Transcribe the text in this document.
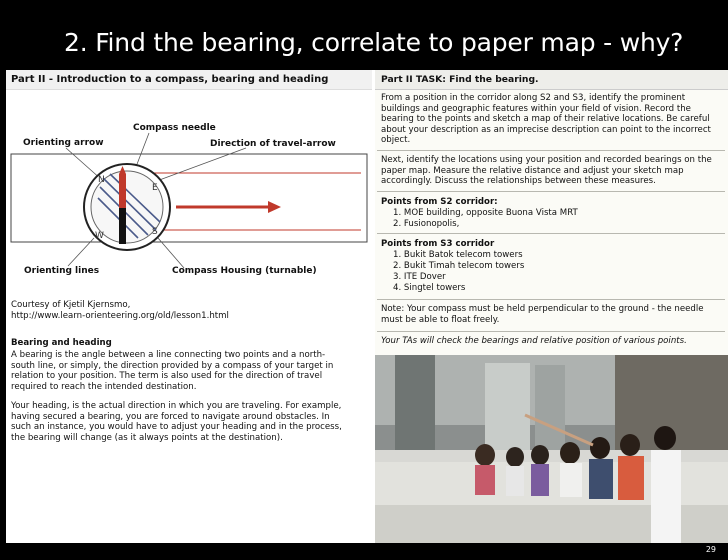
2. Find the bearing, correlate to paper map - why?
Part II - Introduction to a compass, bearing and heading
Compass needle
Orienting arrow	Direction of travel-arrow
Orienting lines	Compass Housing (turnable)
N
E
S
W
Courtesy of Kjetil Kjernsmo,
http://www.learn-orienteering.org/old/lesson1.html
Bearing and heading
A bearing is the angle between a line connecting two points and a north-
south line, or simply, the direction provided by a compass of your target in
relation to your position. The term is also used for the direction of travel
required to reach the intended destination.
Your heading, is the actual direction in which you are traveling. For example,
having secured a bearing, you are forced to navigate around obstacles. In
such an instance, you would have to adjust your heading and in the process,
the bearing will change (as it always points at the destination).
Part II TASK: Find the bearing.
From a position in the corridor along S2 and S3, identify the prominent
buildings and geographic features within your field of vision. Record the
bearing to the points and sketch a map of their relative locations. Be careful
about your description as an imprecise description can point to the incorrect
object.
Next, identify the locations using your position and recorded bearings on the
paper map. Measure the relative distance and adjust your sketch map
accordingly. Discuss the relationships between these measures.
Points from S2 corridor:
1. MOE building, opposite Buona Vista MRT
2. Fusionopolis,
Points from S3 corridor
1. Bukit Batok telecom towers
2. Bukit Timah telecom towers
3. ITE Dover
4. Singtel towers
Note: Your compass must be held perpendicular to the ground - the needle
must be able to float freely.
Your TAs will check the bearings and relative position of various points.
29
